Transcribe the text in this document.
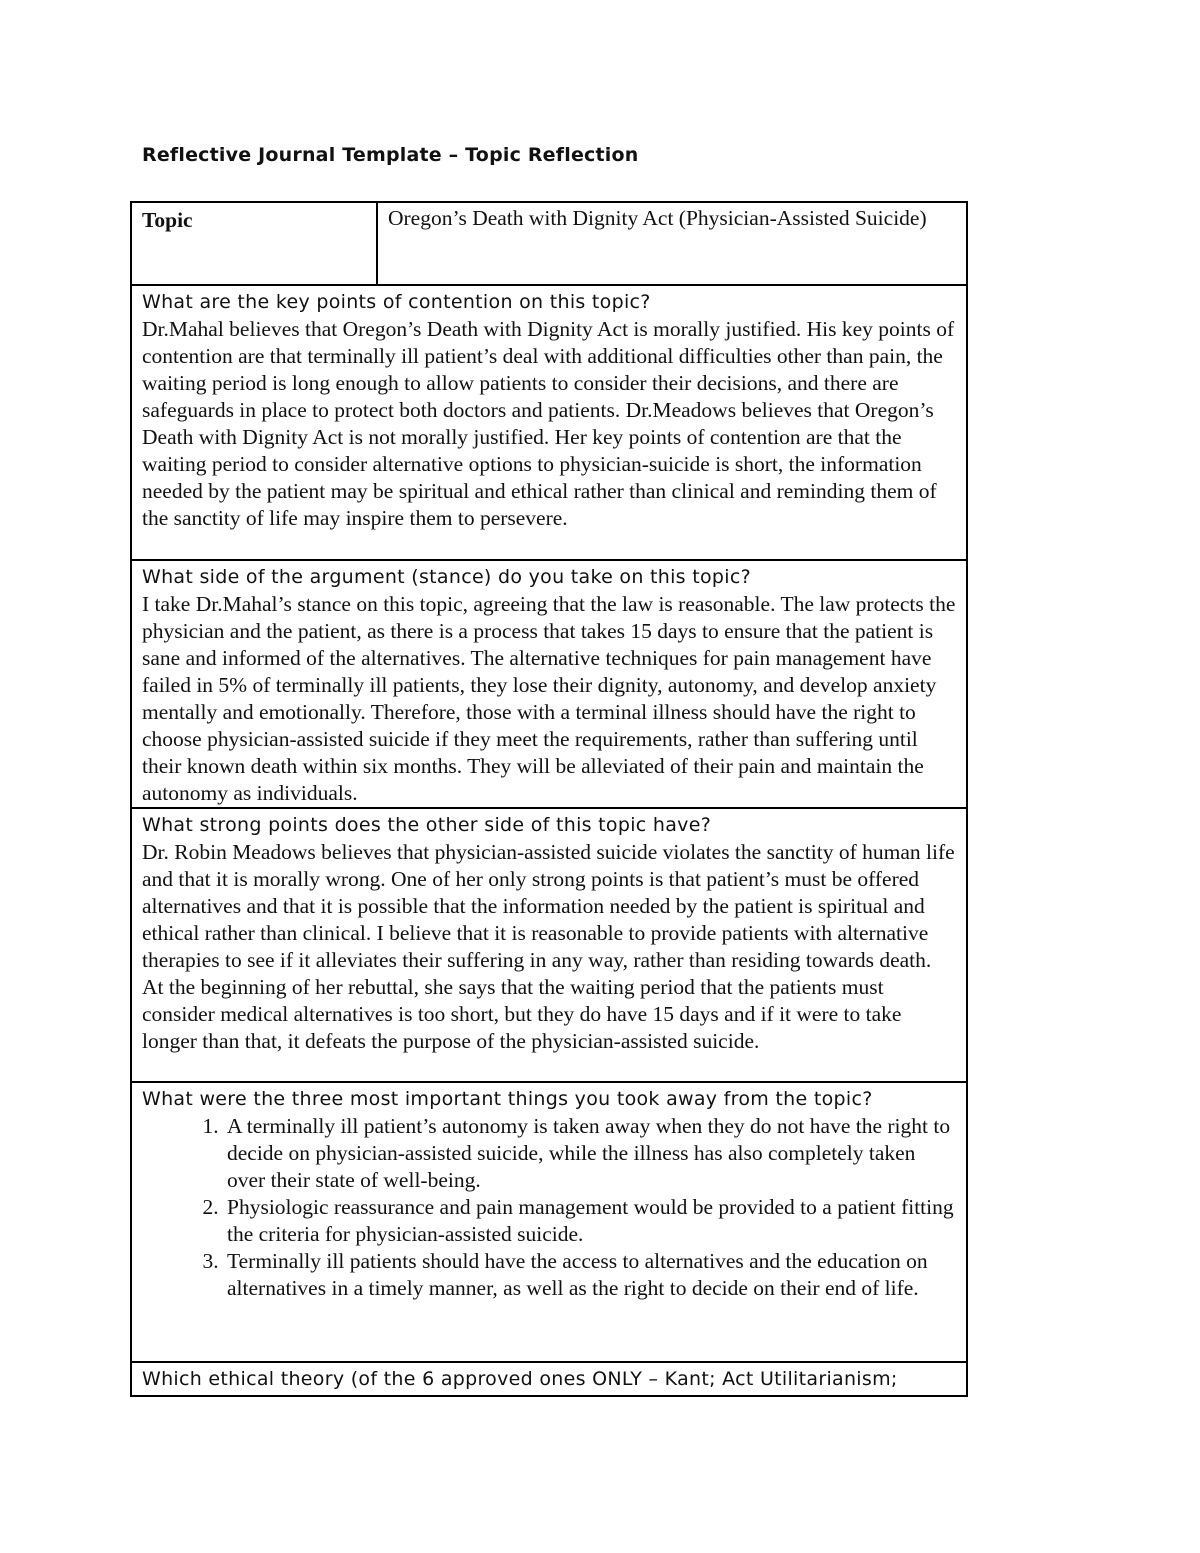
Reflective Journal Template – Topic Reflection
Topic	Oregon’s Death with Dignity Act (Physician-Assisted Suicide)

What are the key points of contention on this topic?

Dr.Mahal believes that Oregon’s Death with Dignity Act is morally justified. His key points of contention are that terminally ill patient’s deal with additional difficulties other than pain, the waiting period is long enough to allow patients to consider their decisions, and there are safeguards in place to protect both doctors and patients. Dr.Meadows believes that Oregon’s Death with Dignity Act is not morally justified. Her key points of contention are that the waiting period to consider alternative options to physician-suicide is short, the information needed by the patient may be spiritual and ethical rather than clinical and reminding them of the sanctity of life may inspire them to persevere.

What side of the argument (stance) do you take on this topic?

I take Dr.Mahal’s stance on this topic, agreeing that the law is reasonable. The law protects the physician and the patient, as there is a process that takes 15 days to ensure that the patient is sane and informed of the alternatives. The alternative techniques for pain management have failed in 5% of terminally ill patients, they lose their dignity, autonomy, and develop anxiety mentally and emotionally. Therefore, those with a terminal illness should have the right to choose physician-assisted suicide if they meet the requirements, rather than suffering until their known death within six months. They will be alleviated of their pain and maintain the autonomy as individuals.

What strong points does the other side of this topic have?

Dr. Robin Meadows believes that physician-assisted suicide violates the sanctity of human life and that it is morally wrong. One of her only strong points is that patient’s must be offered alternatives and that it is possible that the information needed by the patient is spiritual and ethical rather than clinical. I believe that it is reasonable to provide patients with alternative therapies to see if it alleviates their suffering in any way, rather than residing towards death. At the beginning of her rebuttal, she says that the waiting period that the patients must consider medical alternatives is too short, but they do have 15 days and if it were to take longer than that, it defeats the purpose of the physician-assisted suicide.

What were the three most important things you took away from the topic?
1. A terminally ill patient’s autonomy is taken away when they do not have the right to decide on physician-assisted suicide, while the illness has also completely taken over their state of well-being.
2. Physiologic reassurance and pain management would be provided to a patient fitting the criteria for physician-assisted suicide.
3. Terminally ill patients should have the access to alternatives and the education on alternatives in a timely manner, as well as the right to decide on their end of life.

Which ethical theory (of the 6 approved ones ONLY – Kant; Act Utilitarianism;
